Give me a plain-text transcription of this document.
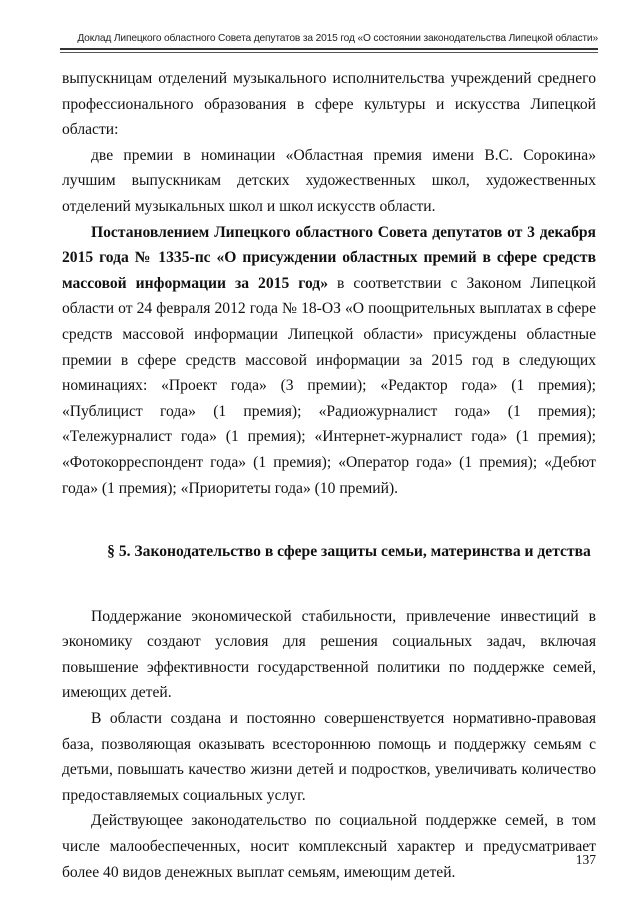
Доклад Липецкого областного Совета депутатов за 2015 год «О состоянии законодательства Липецкой области»

выпускницам отделений музыкального исполнительства учреждений среднего профессионального образования в сфере культуры и искусства Липецкой области:

две премии в номинации «Областная премия имени В.С. Сорокина» лучшим выпускникам детских художественных школ, художественных отделений музыкальных школ и школ искусств области.

Постановлением Липецкого областного Совета депутатов от 3 декабря 2015 года № 1335-пс «О присуждении областных премий в сфере средств массовой информации за 2015 год» в соответствии с Законом Липецкой области от 24 февраля 2012 года № 18-ОЗ «О поощрительных выплатах в сфере средств массовой информации Липецкой области» присуждены областные премии в сфере средств массовой информации за 2015 год в следующих номинациях: «Проект года» (3 премии); «Редактор года» (1 премия); «Публицист года» (1 премия); «Радиожурналист года» (1 премия); «Тележурналист года» (1 премия); «Интернет-журналист года» (1 премия); «Фотокорреспондент года» (1 премия); «Оператор года» (1 премия); «Дебют года» (1 премия); «Приоритеты года» (10 премий).

§ 5. Законодательство в сфере защиты семьи, материнства и детства

Поддержание экономической стабильности, привлечение инвестиций в экономику создают условия для решения социальных задач, включая повышение эффективности государственной политики по поддержке семей, имеющих детей.

В области создана и постоянно совершенствуется нормативно-правовая база, позволяющая оказывать всестороннюю помощь и поддержку семьям с детьми, повышать качество жизни детей и подростков, увеличивать количество предоставляемых социальных услуг.

Действующее законодательство по социальной поддержке семей, в том числе малообеспеченных, носит комплексный характер и предусматривает более 40 видов денежных выплат семьям, имеющим детей.

137
